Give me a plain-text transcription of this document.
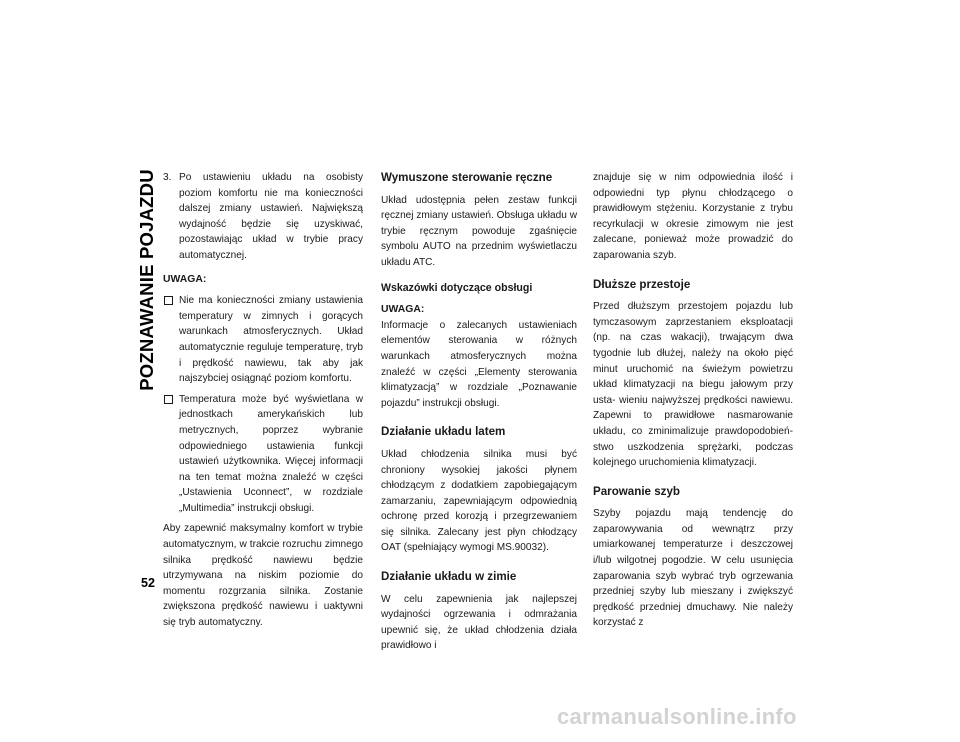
POZNAWANIE POJAZDU
52
3. Po ustawieniu układu na osobisty poziom komfortu nie ma konieczności dalszej zmiany ustawień. Największą wydajność będzie się uzyskiwać, pozostawiając układ w trybie pracy automatycznej.
UWAGA:
Nie ma konieczności zmiany ustawienia temperatury w zimnych i gorących warunkach atmosferycznych. Układ automatycznie reguluje temperaturę, tryb i prędkość nawiewu, tak aby jak najszybciej osiągnąć poziom komfortu.
Temperatura może być wyświetlana w jednostkach amerykańskich lub metrycznych, poprzez wybranie odpowiedniego ustawienia funkcji ustawień użytkownika. Więcej informacji na ten temat można znaleźć w części „Ustawienia Uconnect”, w rozdziale „Multimedia” instrukcji obsługi.

Aby zapewnić maksymalny komfort w trybie automatycznym, w trakcie rozruchu zimnego silnika prędkość nawiewu będzie utrzymywana na niskim poziomie do momentu rozgrzania silnika. Zostanie zwiększona prędkość nawiewu i uaktywni się tryb automatyczny.

Wymuszone sterowanie ręczne

Układ udostępnia pełen zestaw funkcji ręcznej zmiany ustawień. Obsługa układu w trybie ręcznym powoduje zgaśnięcie symbolu AUTO na przednim wyświetlaczu układu ATC.

Wskazówki dotyczące obsługi
UWAGA:

Informacje o zalecanych ustawieniach elementów sterowania w różnych warunkach atmosferycznych można znaleźć w części „Elementy sterowania klimatyzacją” w rozdziale „Poznawanie pojazdu” instrukcji obsługi.

Działanie układu latem

Układ chłodzenia silnika musi być chroniony wysokiej jakości płynem chłodzącym z dodatkiem zapobiegającym zamarzaniu, zapewniającym odpowiednią ochronę przed korozją i przegrzewaniem się silnika. Zalecany jest płyn chłodzący OAT (spełniający wymogi MS.90032).

Działanie układu w zimie

W celu zapewnienia jak najlepszej wydajności ogrzewania i odmrażania upewnić się, że układ chłodzenia działa prawidłowo i

znajduje się w nim odpowiednia ilość i odpowiedni typ płynu chłodzącego o prawidłowym stężeniu. Korzystanie z trybu recyrkulacji w okresie zimowym nie jest zalecane, ponieważ może prowadzić do zaparowania szyb.

Dłuższe przestoje

Przed dłuższym przestojem pojazdu lub tymczasowym zaprzestaniem eksploatacji (np. na czas wakacji), trwającym dwa tygodnie lub dłużej, należy na około pięć minut uruchomić na świeżym powietrzu układ klimatyzacji na biegu jałowym przy usta- wieniu najwyższej prędkości nawiewu. Zapewni to prawidłowe nasmarowanie układu, co zminimalizuje prawdopodobień- stwo uszkodzenia sprężarki, podczas kolejnego uruchomienia klimatyzacji.

Parowanie szyb

Szyby pojazdu mają tendencję do zaparowywania od wewnątrz przy umiarkowanej temperaturze i deszczowej i/lub wilgotnej pogodzie. W celu usunięcia zaparowania szyb wybrać tryb ogrzewania przedniej szyby lub mieszany i zwiększyć prędkość przedniej dmuchawy. Nie należy korzystać z

carmanualsonline.info
